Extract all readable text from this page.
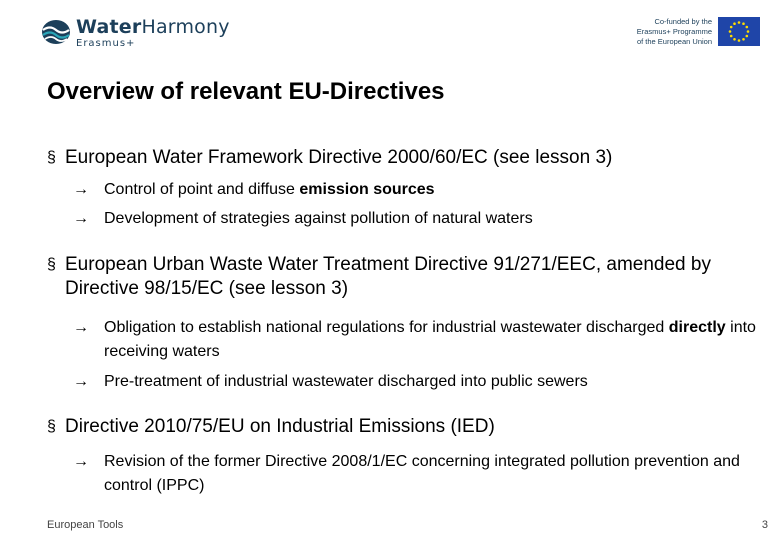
WaterHarmony
Erasmus+
Co-funded by the
Erasmus+ Programme
of the European Union
Overview of relevant EU-Directives
§ European Water Framework Directive 2000/60/EC (see lesson 3)
→ Control of point and diffuse emission sources
→ Development of strategies against pollution of natural waters
§ European Urban Waste Water Treatment Directive 91/271/EEC, amended by Directive 98/15/EC (see lesson 3)
→ Obligation to establish national regulations for industrial wastewater discharged directly into receiving waters
→ Pre-treatment of industrial wastewater discharged into public sewers
§ Directive 2010/75/EU on Industrial Emissions (IED)
→ Revision of the former Directive 2008/1/EC concerning integrated pollution prevention and control (IPPC)
European Tools	3
